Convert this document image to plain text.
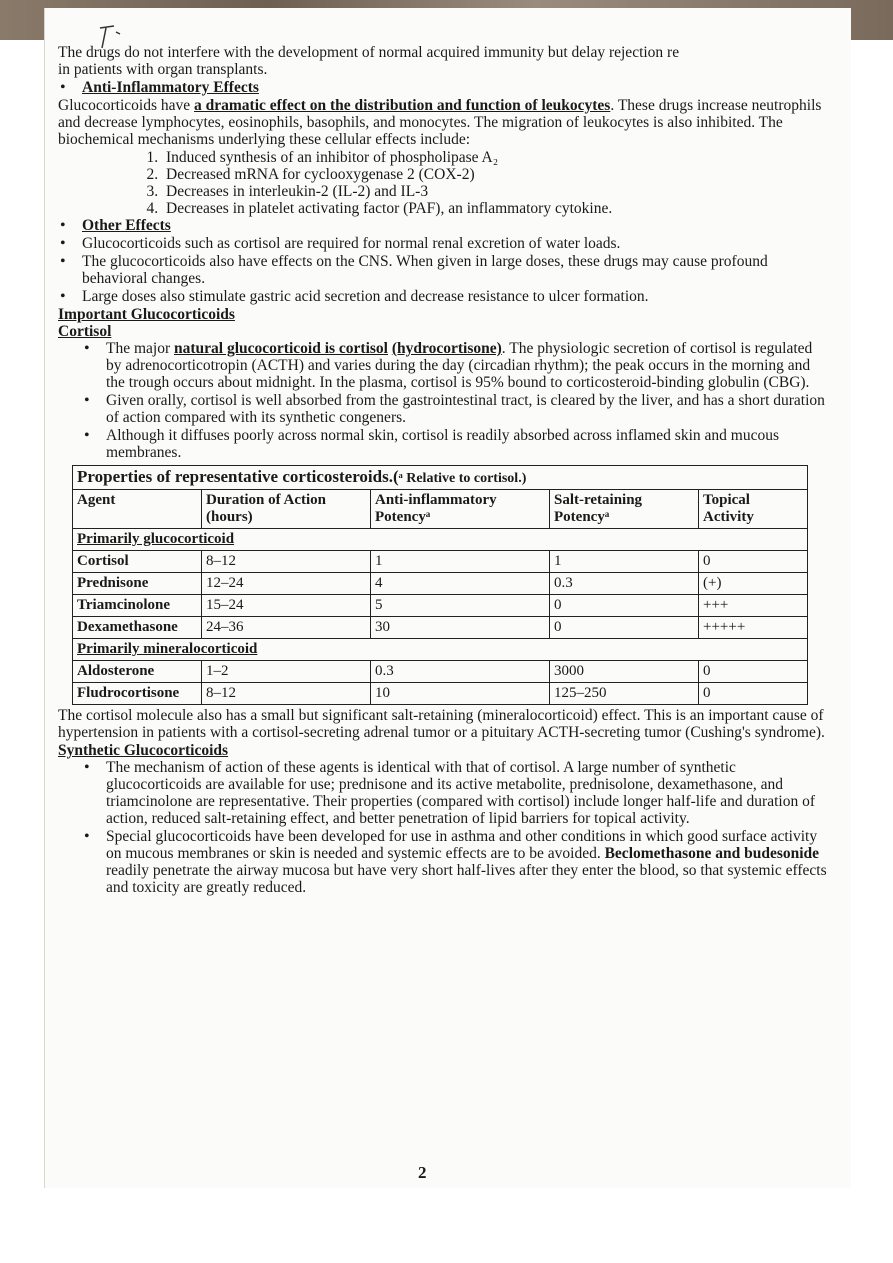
The drugs do not interfere with the development of normal acquired immunity but delay rejection re
in patients with organ transplants.

• Anti-Inflammatory Effects

Glucocorticoids have a dramatic effect on the distribution and function of leukocytes. These drugs increase neutrophils and decrease lymphocytes, eosinophils, basophils, and monocytes. The migration of leukocytes is also inhibited. The biochemical mechanisms underlying these cellular effects include:

1. Induced synthesis of an inhibitor of phospholipase A₂
2. Decreased mRNA for cyclooxygenase 2 (COX-2)
3. Decreases in interleukin-2 (IL-2) and IL-3
4. Decreases in platelet activating factor (PAF), an inflammatory cytokine.
• Other Effects
• Glucocorticoids such as cortisol are required for normal renal excretion of water loads.
• The glucocorticoids also have effects on the CNS. When given in large doses, these drugs may cause profound behavioral changes.
• Large doses also stimulate gastric acid secretion and decrease resistance to ulcer formation.

Important Glucocorticoids

Cortisol

• The major natural glucocorticoid is cortisol (hydrocortisone). The physiologic secretion of cortisol is regulated by adrenocorticotropin (ACTH) and varies during the day (circadian rhythm); the peak occurs in the morning and the trough occurs about midnight. In the plasma, cortisol is 95% bound to corticosteroid-binding globulin (CBG).
• Given orally, cortisol is well absorbed from the gastrointestinal tract, is cleared by the liver, and has a short duration of action compared with its synthetic congeners.
• Although it diffuses poorly across normal skin, cortisol is readily absorbed across inflamed skin and mucous membranes.
Properties of representative corticosteroids.(ᵃ Relative to cortisol.)
Agent	Duration of Action (hours)	Anti-inflammatory Potencyᵃ	Salt-retaining Potencyᵃ	Topical Activity
Primarily glucocorticoid				
Cortisol	8–12	1	1	0
Prednisone	12–24	4	0.3	(+)
Triamcinolone	15–24	5	0	+++
Dexamethasone	24–36	30	0	+++++
Primarily mineralocorticoid				
Aldosterone	1–2	0.3	3000	0
Fludrocortisone	8–12	10	125–250	0

The cortisol molecule also has a small but significant salt-retaining (mineralocorticoid) effect. This is an important cause of hypertension in patients with a cortisol-secreting adrenal tumor or a pituitary ACTH-secreting tumor (Cushing's syndrome).

Synthetic Glucocorticoids

• The mechanism of action of these agents is identical with that of cortisol. A large number of synthetic glucocorticoids are available for use; prednisone and its active metabolite, prednisolone, dexamethasone, and triamcinolone are representative. Their properties (compared with cortisol) include longer half-life and duration of action, reduced salt-retaining effect, and better penetration of lipid barriers for topical activity.
• Special glucocorticoids have been developed for use in asthma and other conditions in which good surface activity on mucous membranes or skin is needed and systemic effects are to be avoided. Beclomethasone and budesonide readily penetrate the airway mucosa but have very short half-lives after they enter the blood, so that systemic effects and toxicity are greatly reduced.
2
